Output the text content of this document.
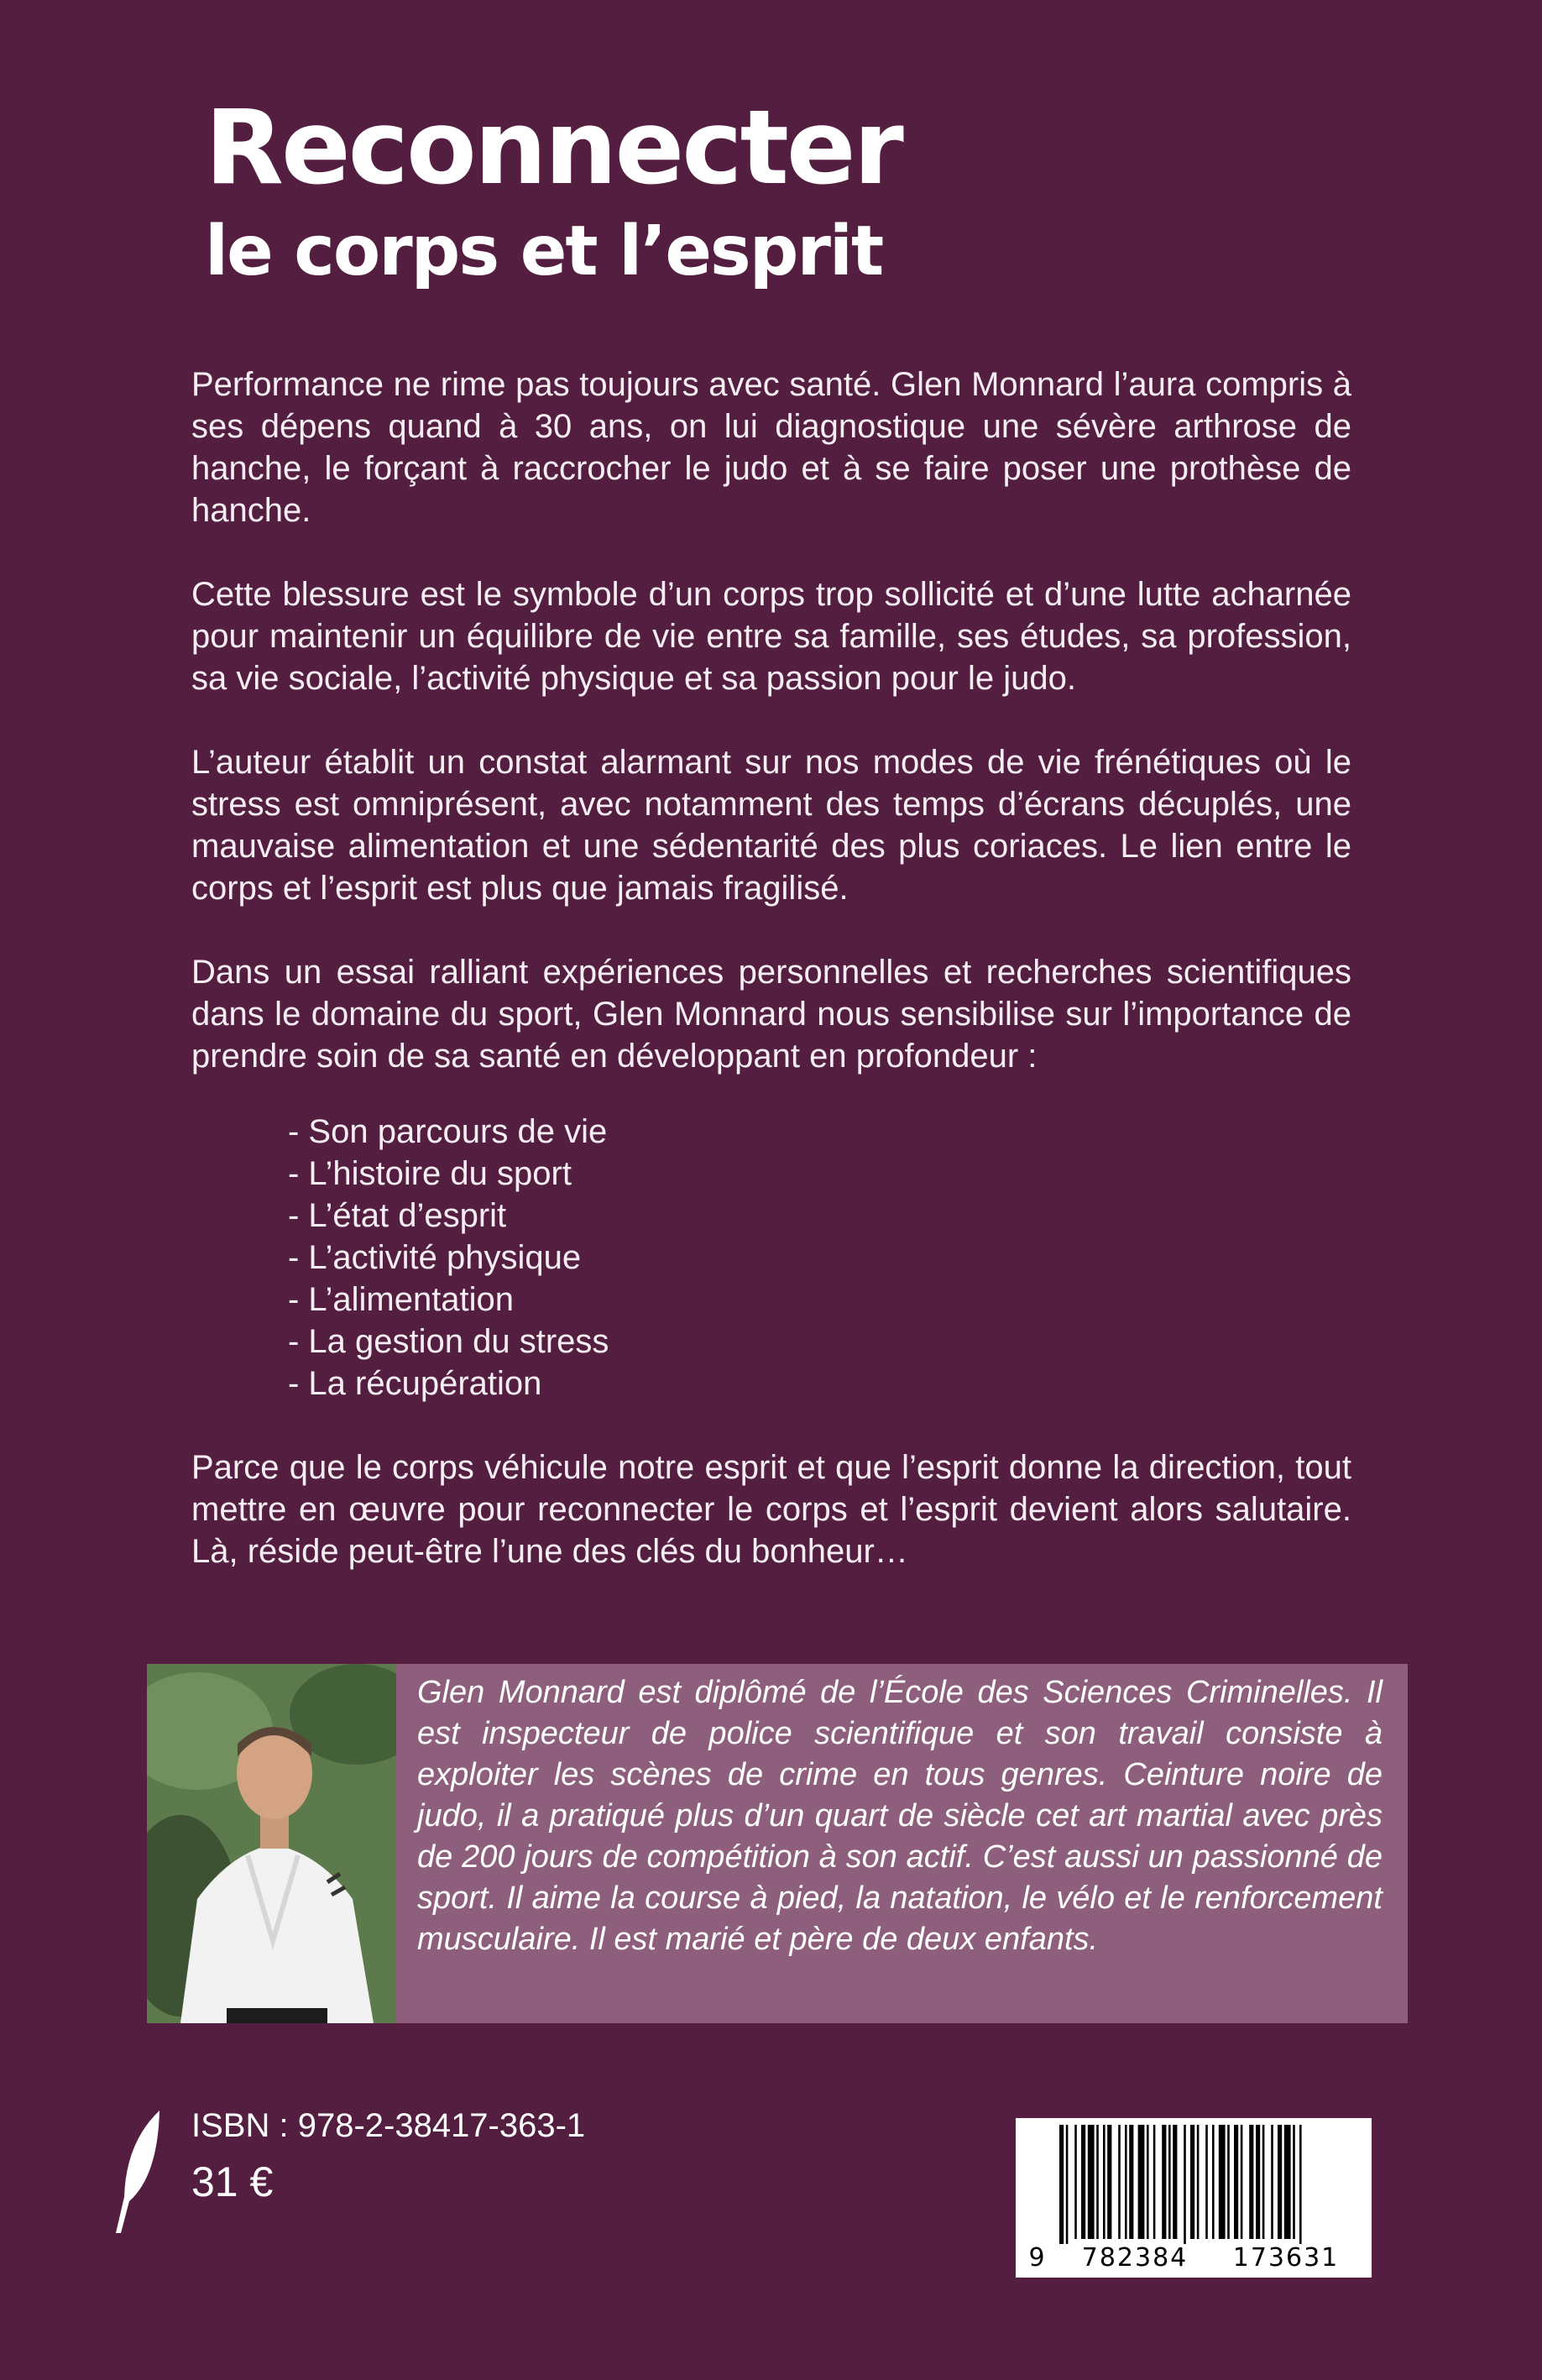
Reconnecter
le corps et l’esprit

Performance ne rime pas toujours avec santé. Glen Monnard l’aura compris à ses dépens quand à 30 ans, on lui diagnostique une sévère arthrose de hanche, le forçant à raccrocher le judo et à se faire poser une prothèse de hanche.

Cette blessure est le symbole d’un corps trop sollicité et d’une lutte acharnée pour maintenir un équilibre de vie entre sa famille, ses études, sa profession, sa vie sociale, l’activité physique et sa passion pour le judo.

L’auteur établit un constat alarmant sur nos modes de vie frénétiques où le stress est omniprésent, avec notamment des temps d’écrans décuplés, une mauvaise alimentation et une sédentarité des plus coriaces. Le lien entre le corps et l’esprit est plus que jamais fragilisé.

Dans un essai ralliant expériences personnelles et recherches scientifiques dans le domaine du sport, Glen Monnard nous sensibilise sur l’importance de prendre soin de sa santé en développant en profondeur :

- Son parcours de vie
- L’histoire du sport
- L’état d’esprit
- L’activité physique
- L’alimentation
- La gestion du stress
- La récupération

Parce que le corps véhicule notre esprit et que l’esprit donne la direction, tout mettre en œuvre pour reconnecter le corps et l’esprit devient alors salutaire. Là, réside peut-être l’une des clés du bonheur…

Glen Monnard est diplômé de l’École des Sciences Criminelles. Il est inspecteur de police scientifique et son travail consiste à exploiter les scènes de crime en tous genres. Ceinture noire de judo, il a pratiqué plus d’un quart de siècle cet art martial avec près de 200 jours de compétition à son actif. C’est aussi un passionné de sport. Il aime la course à pied, la natation, le vélo et le renforcement musculaire. Il est marié et père de deux enfants.
ISBN : 978-2-38417-363-1
31 €
9	782384	173631
